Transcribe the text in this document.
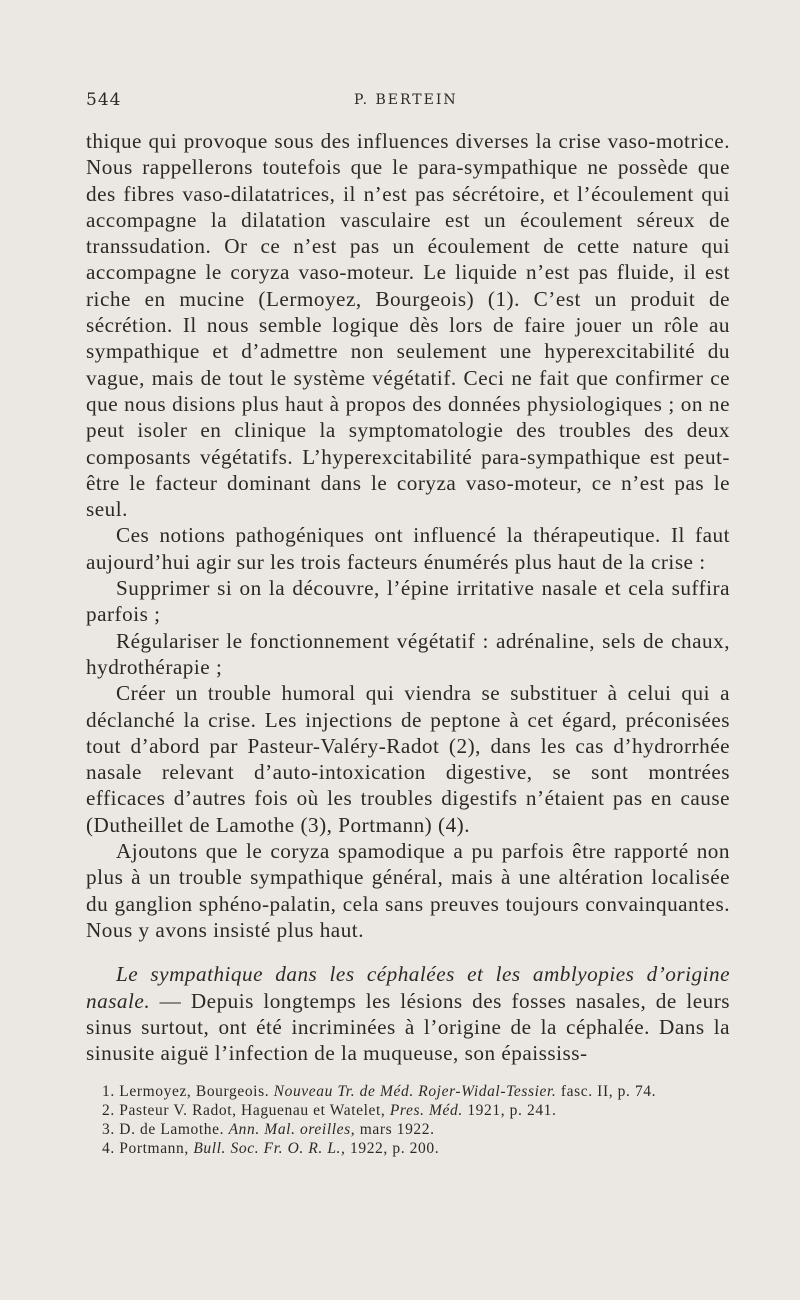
544	P. BERTEIN

thique qui provoque sous des influences diverses la crise vaso-motrice. Nous rappellerons toutefois que le para-sympathique ne possède que des fibres vaso-dilatatrices, il n’est pas sécrétoire, et l’écoulement qui accompagne la dilatation vasculaire est un écoulement séreux de transsudation. Or ce n’est pas un écoulement de cette nature qui accompagne le coryza vaso-moteur. Le liquide n’est pas fluide, il est riche en mucine (Lermoyez, Bourgeois) (1). C’est un produit de sécrétion. Il nous semble logique dès lors de faire jouer un rôle au sympathique et d’admettre non seulement une hyperexcitabilité du vague, mais de tout le système végétatif. Ceci ne fait que confirmer ce que nous disions plus haut à propos des données physiologiques ; on ne peut isoler en clinique la symptomatologie des troubles des deux composants végétatifs. L’hyperexcitabilité para-sympathique est peut-être le facteur dominant dans le coryza vaso-moteur, ce n’est pas le seul.

Ces notions pathogéniques ont influencé la thérapeutique. Il faut aujourd’hui agir sur les trois facteurs énumérés plus haut de la crise :

Supprimer si on la découvre, l’épine irritative nasale et cela suffira parfois ;

Régulariser le fonctionnement végétatif : adrénaline, sels de chaux, hydrothérapie ;

Créer un trouble humoral qui viendra se substituer à celui qui a déclanché la crise. Les injections de peptone à cet égard, préconisées tout d’abord par Pasteur-Valéry-Radot (2), dans les cas d’hydrorrhée nasale relevant d’auto-intoxication digestive, se sont montrées efficaces d’autres fois où les troubles digestifs n’étaient pas en cause (Dutheillet de Lamothe (3), Portmann) (4).

Ajoutons que le coryza spamodique a pu parfois être rapporté non plus à un trouble sympathique général, mais à une altération localisée du ganglion sphéno-palatin, cela sans preuves toujours convainquantes. Nous y avons insisté plus haut.

Le sympathique dans les céphalées et les amblyopies d’origine nasale. — Depuis longtemps les lésions des fosses nasales, de leurs sinus surtout, ont été incriminées à l’origine de la céphalée. Dans la sinusite aiguë l’infection de la muqueuse, son épaississ-

1. Lermoyez, Bourgeois. Nouveau Tr. de Méd. Rojer-Widal-Tessier. fasc. II, p. 74.
2. Pasteur V. Radot, Haguenau et Watelet, Pres. Méd. 1921, p. 241.
3. D. de Lamothe. Ann. Mal. oreilles, mars 1922.
4. Portmann, Bull. Soc. Fr. O. R. L., 1922, p. 200.
